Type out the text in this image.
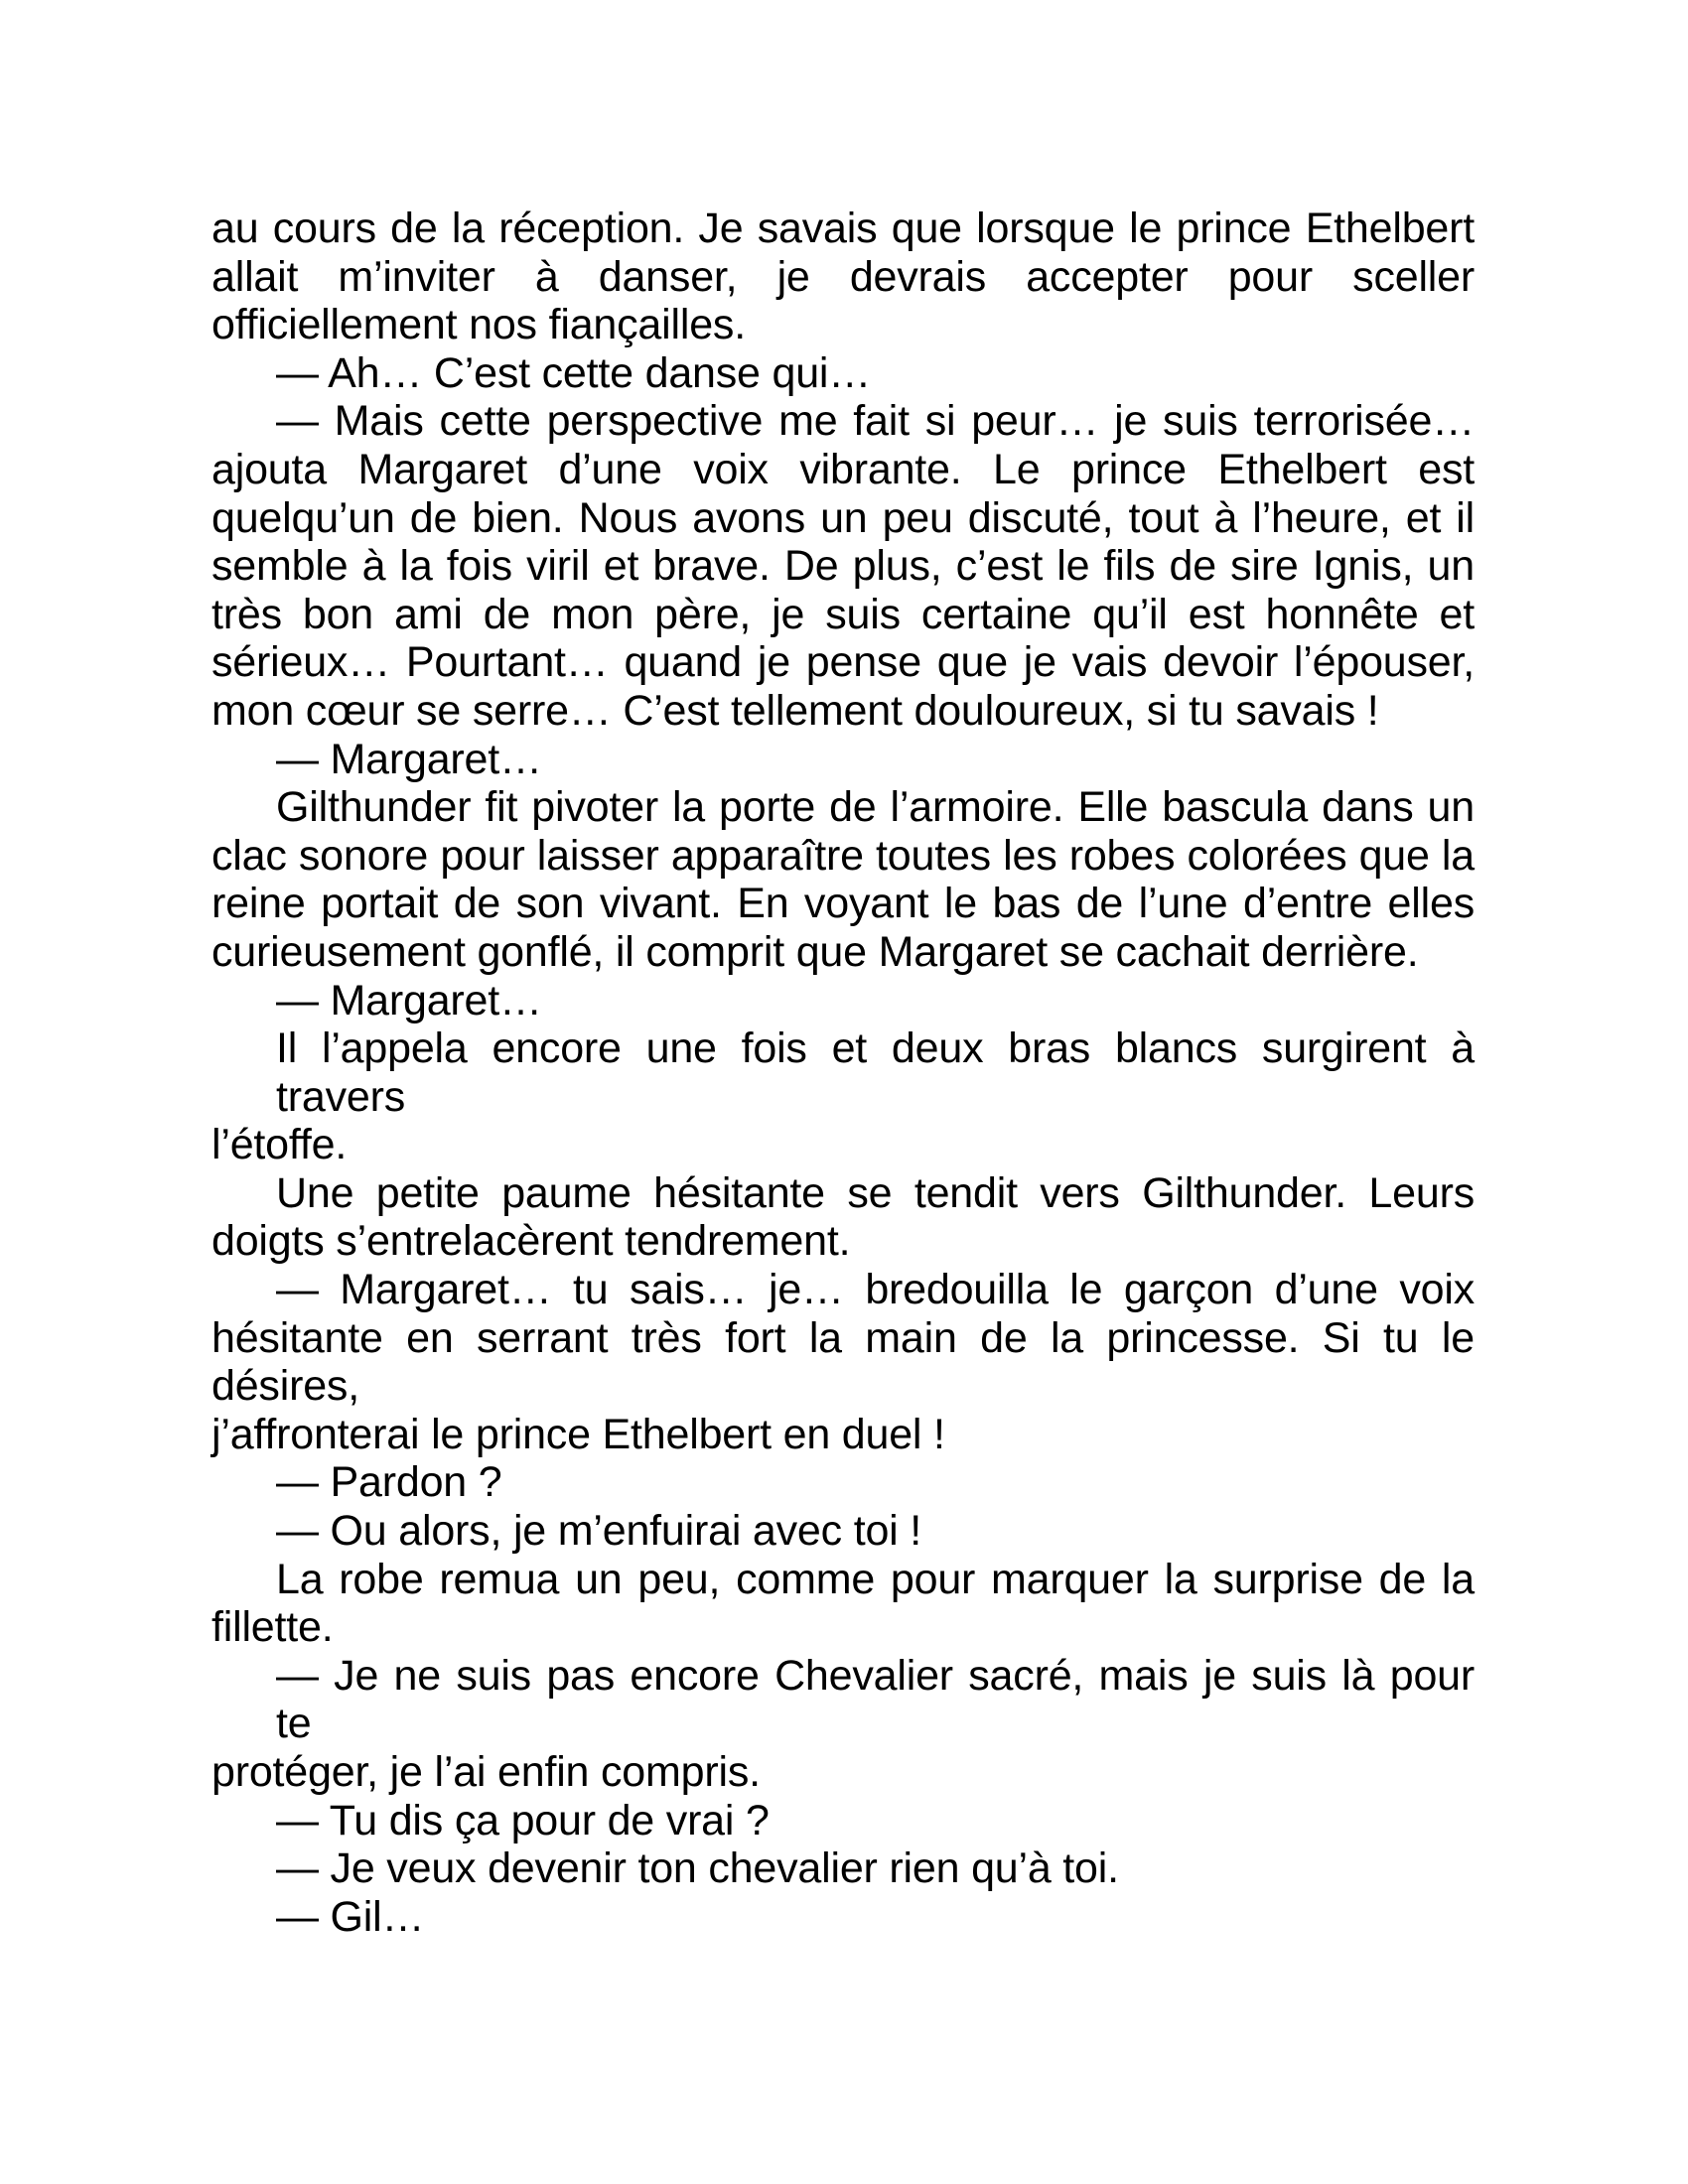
au cours de la réception. Je savais que lorsque le prince Ethelbert
allait m’inviter à danser, je devrais accepter pour sceller
officiellement nos fiançailles.
— Ah… C’est cette danse qui…
— Mais cette perspective me fait si peur… je suis terrorisée…
ajouta Margaret d’une voix vibrante. Le prince Ethelbert est
quelqu’un de bien. Nous avons un peu discuté, tout à l’heure, et il
semble à la fois viril et brave. De plus, c’est le fils de sire Ignis, un
très bon ami de mon père, je suis certaine qu’il est honnête et
sérieux… Pourtant… quand je pense que je vais devoir l’épouser,
mon cœur se serre… C’est tellement douloureux, si tu savais !
— Margaret…
Gilthunder fit pivoter la porte de l’armoire. Elle bascula dans un
clac sonore pour laisser apparaître toutes les robes colorées que la
reine portait de son vivant. En voyant le bas de l’une d’entre elles
curieusement gonflé, il comprit que Margaret se cachait derrière.
— Margaret…
Il l’appela encore une fois et deux bras blancs surgirent à travers
l’étoffe.
Une petite paume hésitante se tendit vers Gilthunder. Leurs
doigts s’entrelacèrent tendrement.
— Margaret… tu sais… je… bredouilla le garçon d’une voix
hésitante en serrant très fort la main de la princesse. Si tu le désires,
j’affronterai le prince Ethelbert en duel !
— Pardon ?
— Ou alors, je m’enfuirai avec toi !
La robe remua un peu, comme pour marquer la surprise de la
fillette.
— Je ne suis pas encore Chevalier sacré, mais je suis là pour te
protéger, je l’ai enfin compris.
— Tu dis ça pour de vrai ?
— Je veux devenir ton chevalier rien qu’à toi.
— Gil…
